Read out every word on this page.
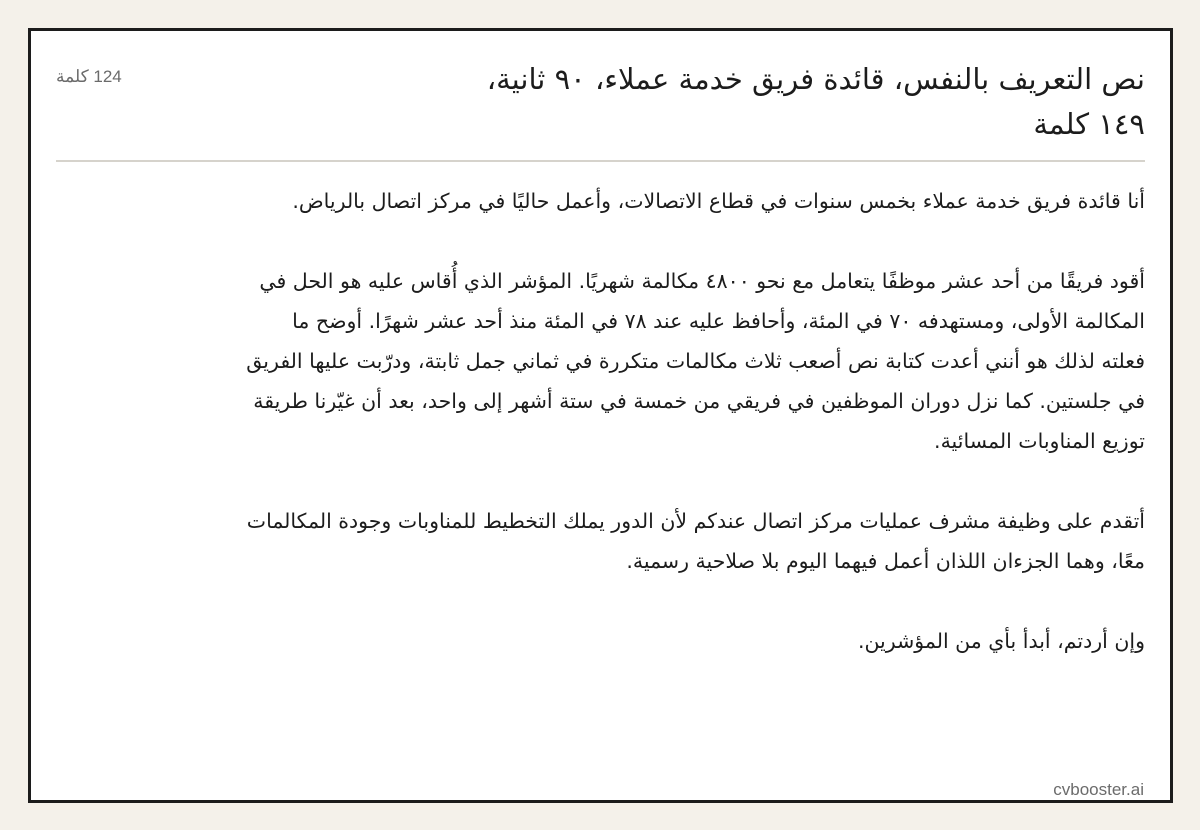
نص التعريف بالنفس، قائدة فريق خدمة عملاء، ٩٠ ثانية، ١٤٩ كلمة
124 كلمة

أنا قائدة فريق خدمة عملاء بخمس سنوات في قطاع الاتصالات، وأعمل حاليًا في مركز اتصال بالرياض.

أقود فريقًا من أحد عشر موظفًا يتعامل مع نحو ٤٨٠٠ مكالمة شهريًا. المؤشر الذي أُقاس عليه هو الحل في المكالمة الأولى، ومستهدفه ٧٠ في المئة، وأحافظ عليه عند ٧٨ في المئة منذ أحد عشر شهرًا. أوضح ما فعلته لذلك هو أنني أعدت كتابة نص أصعب ثلاث مكالمات متكررة في ثماني جمل ثابتة، ودرّبت عليها الفريق في جلستين. كما نزل دوران الموظفين في فريقي من خمسة في ستة أشهر إلى واحد، بعد أن غيّرنا طريقة توزيع المناوبات المسائية.

أتقدم على وظيفة مشرف عمليات مركز اتصال عندكم لأن الدور يملك التخطيط للمناوبات وجودة المكالمات معًا، وهما الجزءان اللذان أعمل فيهما اليوم بلا صلاحية رسمية.

وإن أردتم، أبدأ بأي من المؤشرين.

cvbooster.ai
